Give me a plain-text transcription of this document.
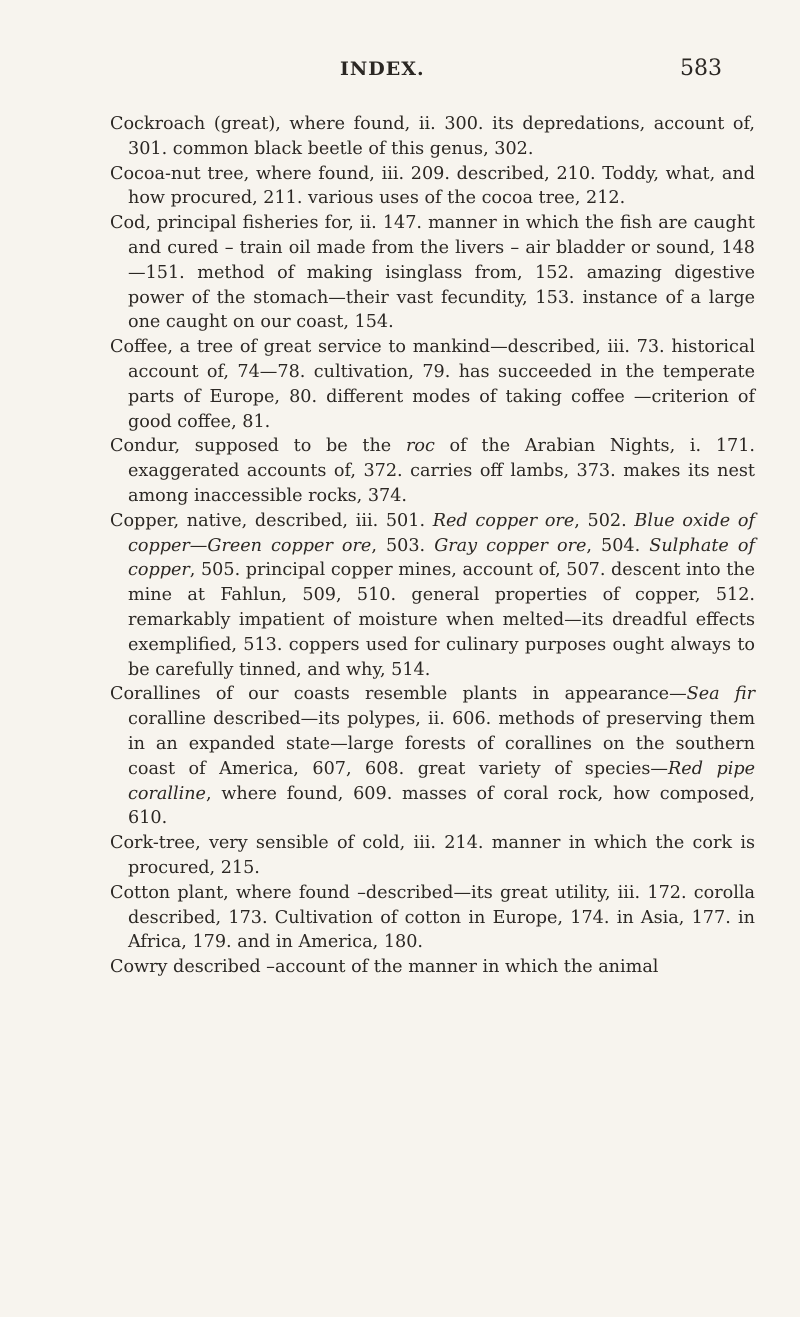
INDEX.	583

Cockroach (great), where found, ii. 300. its depredations, account of, 301. common black beetle of this genus, 302.

Cocoa-nut tree, where found, iii. 209. described, 210. Toddy, what, and how procured, 211. various uses of the cocoa tree, 212.

Cod, principal fisheries for, ii. 147. manner in which the fish are caught and cured – train oil made from the livers – air bladder or sound, 148—151. method of making isinglass from, 152. amazing digestive power of the stomach—their vast fecundity, 153. instance of a large one caught on our coast, 154.

Coffee, a tree of great service to mankind—described, iii. 73. historical account of, 74—78. cultivation, 79. has succeeded in the temperate parts of Europe, 80. different modes of taking coffee —criterion of good coffee, 81.

Condur, supposed to be the roc of the Arabian Nights, i. 171. exaggerated accounts of, 372. carries off lambs, 373. makes its nest among inaccessible rocks, 374.

Copper, native, described, iii. 501. Red copper ore, 502. Blue oxide of copper—Green copper ore, 503. Gray copper ore, 504. Sulphate of copper, 505. principal copper mines, account of, 507. descent into the mine at Fahlun, 509, 510. general properties of copper, 512. remarkably impatient of moisture when melted—its dreadful effects exemplified, 513. coppers used for culinary purposes ought always to be carefully tinned, and why, 514.

Corallines of our coasts resemble plants in appearance—Sea fir coralline described—its polypes, ii. 606. methods of preserving them in an expanded state—large forests of corallines on the southern coast of America, 607, 608. great variety of species—Red pipe coralline, where found, 609. masses of coral rock, how composed, 610.

Cork-tree, very sensible of cold, iii. 214. manner in which the cork is procured, 215.

Cotton plant, where found –described—its great utility, iii. 172. corolla described, 173. Cultivation of cotton in Europe, 174. in Asia, 177. in Africa, 179. and in America, 180.

Cowry described –account of the manner in which the animal
